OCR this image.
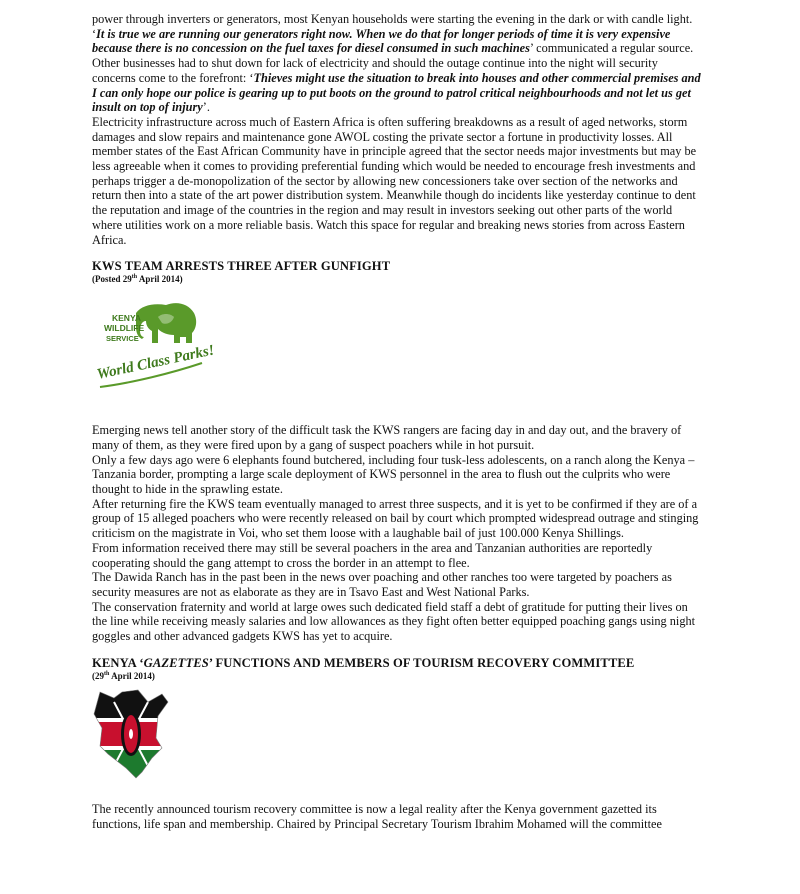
power through inverters or generators, most Kenyan households were starting the evening in the dark or with candle light. ‘It is true we are running our generators right now. When we do that for longer periods of time it is very expensive because there is no concession on the fuel taxes for diesel consumed in such machines’ communicated a regular source. Other businesses had to shut down for lack of electricity and should the outage continue into the night will security concerns come to the forefront: ‘Thieves might use the situation to break into houses and other commercial premises and I can only hope our police is gearing up to put boots on the ground to patrol critical neighbourhoods and not let us get insult on top of injury’.

Electricity infrastructure across much of Eastern Africa is often suffering breakdowns as a result of aged networks, storm damages and slow repairs and maintenance gone AWOL costing the private sector a fortune in productivity losses. All member states of the East African Community have in principle agreed that the sector needs major investments but may be less agreeable when it comes to providing preferential funding which would be needed to encourage fresh investments and perhaps trigger a de-monopolization of the sector by allowing new concessioners take over section of the networks and return then into a state of the art power distribution system. Meanwhile though do incidents like yesterday continue to dent the reputation and image of the countries in the region and may result in investors seeking out other parts of the world where utilities work on a more reliable basis. Watch this space for regular and breaking news stories from across Eastern Africa.

KWS TEAM ARRESTS THREE AFTER GUNFIGHT

(Posted 29th April 2014)

KENYA
WILDLIFE
SERVICE
World Class Parks!

Emerging news tell another story of the difficult task the KWS rangers are facing day in and day out, and the bravery of many of them, as they were fired upon by a gang of suspect poachers while in hot pursuit.

Only a few days ago were 6 elephants found butchered, including four tusk-less adolescents, on a ranch along the Kenya – Tanzania border, prompting a large scale deployment of KWS personnel in the area to flush out the culprits who were thought to hide in the sprawling estate.

After returning fire the KWS team eventually managed to arrest three suspects, and it is yet to be confirmed if they are of a group of 15 alleged poachers who were recently released on bail by court which prompted widespread outrage and stinging criticism on the magistrate in Voi, who set them loose with a laughable bail of just 100.000 Kenya Shillings.

From information received there may still be several poachers in the area and Tanzanian authorities are reportedly cooperating should the gang attempt to cross the border in an attempt to flee.

The Dawida Ranch has in the past been in the news over poaching and other ranches too were targeted by poachers as security measures are not as elaborate as they are in Tsavo East and West National Parks.

The conservation fraternity and world at large owes such dedicated field staff a debt of gratitude for putting their lives on the line while receiving measly salaries and low allowances as they fight often better equipped poaching gangs using night goggles and other advanced gadgets KWS has yet to acquire.

KENYA ‘GAZETTES’ FUNCTIONS AND MEMBERS OF TOURISM RECOVERY COMMITTEE

(29th April 2014)

The recently announced tourism recovery committee is now a legal reality after the Kenya government gazetted its functions, life span and membership. Chaired by Principal Secretary Tourism Ibrahim Mohamed will the committee
